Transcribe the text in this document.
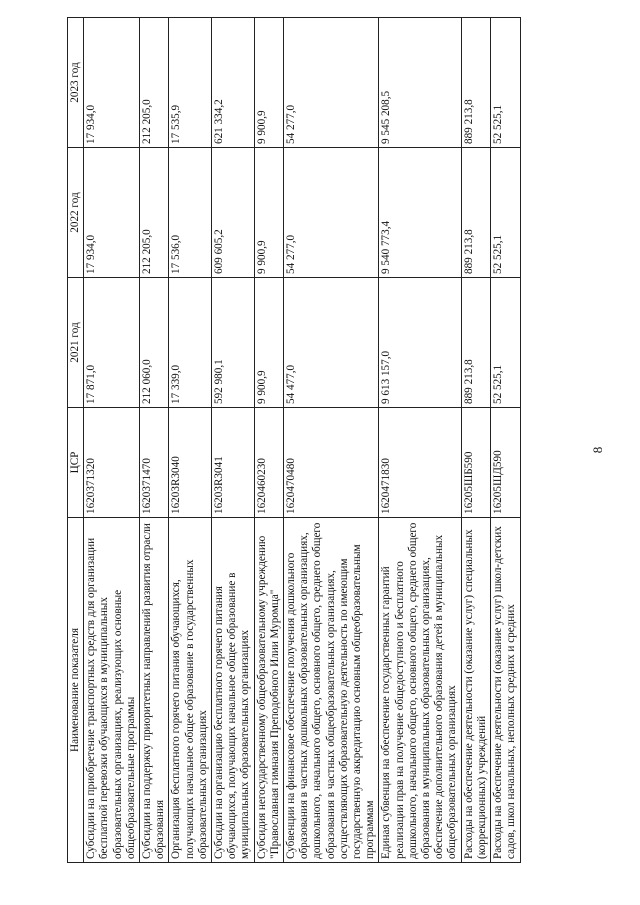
Наименование показателя	ЦСР	2021 год	2022 год	2023 год
Субсидии на приобретение транспортных средств для организации бесплатной перевозки обучающихся в муниципальных образовательных организациях, реализующих основные общеобразовательные программы	1620371320	17 871,0	17 934,0	17 934,0
Субсидии на поддержку приоритетных направлений развития отрасли образования	1620371470	212 060,0	212 205,0	212 205,0
Организация бесплатного горячего питания обучающихся, получающих начальное общее образование в государственных образовательных организациях	16203R3040	17 339,0	17 536,0	17 535,9
Субсидии на организацию бесплатного горячего питания обучающихся, получающих начальное общее образование в муниципальных образовательных организациях	16203R3041	592 980,1	609 605,2	621 334,2
Субсидия негосударственному общеобразовательному учреждению "Православная гимназия Преподобного Илии Муромца"	1620460230	9 900,9	9 900,9	9 900,9
Субвенции на финансовое обеспечение получения дошкольного образования в частных дошкольных образовательных организациях, дошкольного, начального общего, основного общего, среднего общего образования в частных общеобразовательных организациях, осуществляющих образовательную деятельность по имеющим государственную аккредитацию основным общеобразовательным программам	1620470480	54 477,0	54 277,0	54 277,0
Единая субвенция на обеспечение государственных гарантий реализации прав на получение общедоступного и бесплатного дошкольного, начального общего, основного общего, среднего общего образования в муниципальных образовательных организациях, обеспечение дополнительного образования детей в муниципальных общеобразовательных организациях	1620471830	9 613 157,0	9 540 773,4	9 545 208,5
Расходы на обеспечение деятельности (оказание услуг) специальных (коррекционных) учреждений	16205ШБ590	889 213,8	889 213,8	889 213,8
Расходы на обеспечение деятельности (оказание услуг) школ-детских садов, школ начальных, неполных средних и средних	16205ШД590	52 525,1	52 525,1	52 525,1
8
